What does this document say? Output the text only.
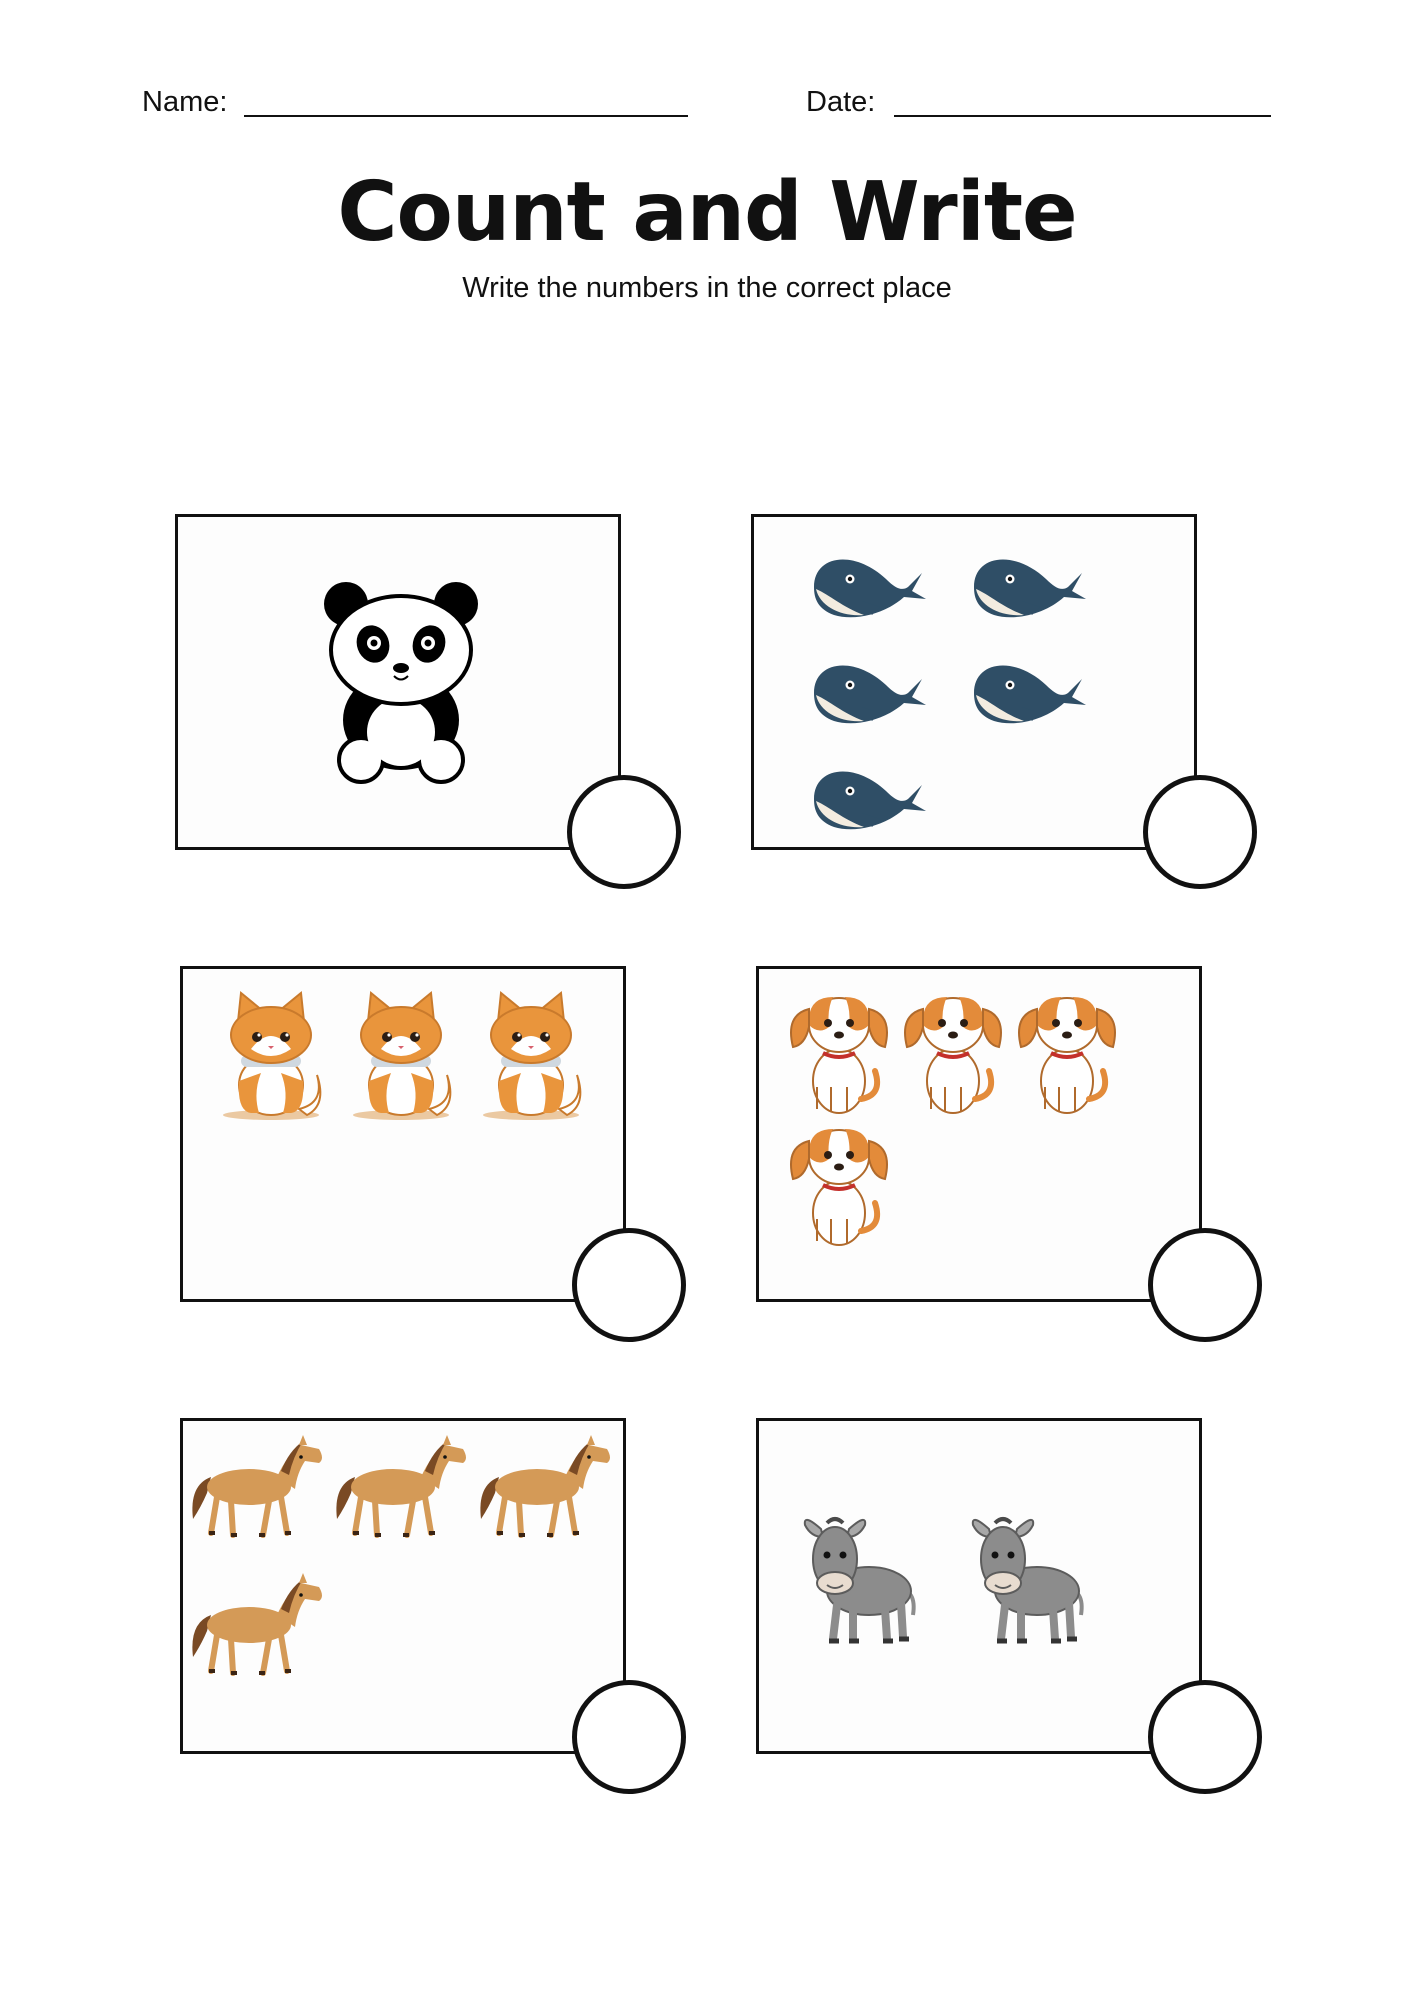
Name:	Date:
Count and Write
Write the numbers in the correct place
